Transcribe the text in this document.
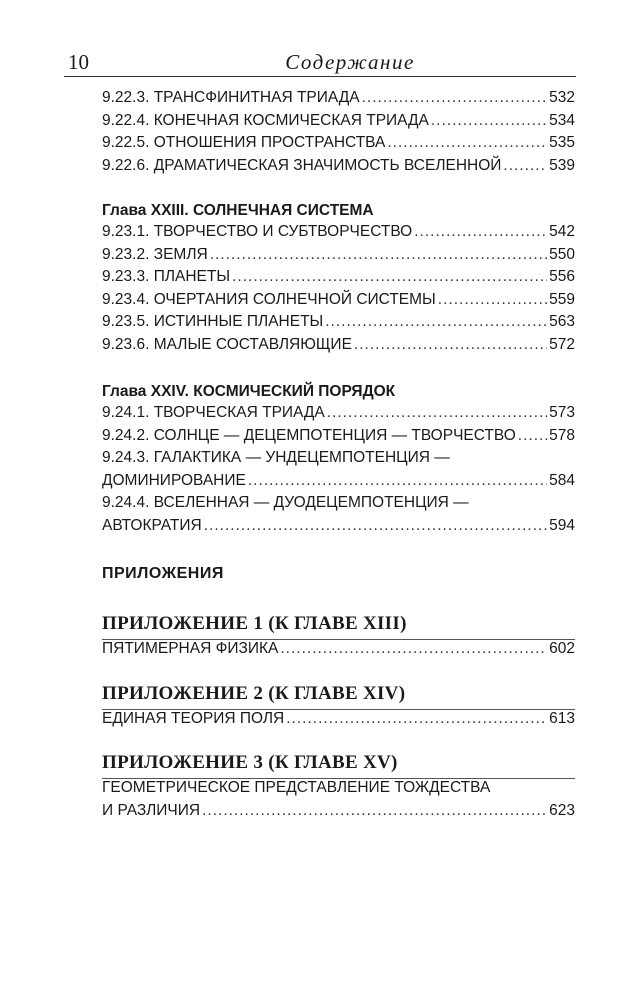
10	Содержание
9.22.3. ТРАНСФИНИТНАЯ ТРИАДА .....	532
9.22.4. КОНЕЧНАЯ КОСМИЧЕСКАЯ ТРИАДА .....	534
9.22.5. ОТНОШЕНИЯ ПРОСТРАНСТВА .....	535
9.22.6. ДРАМАТИЧЕСКАЯ ЗНАЧИМОСТЬ ВСЕЛЕННОЙ .....	539
Глава XXIII. СОЛНЕЧНАЯ СИСТЕМА
9.23.1. ТВОРЧЕСТВО И СУБТВОРЧЕСТВО .....	542
9.23.2. ЗЕМЛЯ .....	550
9.23.3. ПЛАНЕТЫ .....	556
9.23.4. ОЧЕРТАНИЯ СОЛНЕЧНОЙ СИСТЕМЫ .....	559
9.23.5. ИСТИННЫЕ ПЛАНЕТЫ .....	563
9.23.6. МАЛЫЕ СОСТАВЛЯЮЩИЕ .....	572
Глава XXIV. КОСМИЧЕСКИЙ ПОРЯДОК
9.24.1. ТВОРЧЕСКАЯ ТРИАДА .....	573
9.24.2. СОЛНЦЕ — ДЕЦЕМПОТЕНЦИЯ — ТВОРЧЕСТВО ..... 578
9.24.3. ГАЛАКТИКА — УНДЕЦЕМПОТЕНЦИЯ —
ДОМИНИРОВАНИЕ .....	584
9.24.4. ВСЕЛЕННАЯ — ДУОДЕЦЕМПОТЕНЦИЯ —
АВТОКРАТИЯ .....	594
ПРИЛОЖЕНИЯ
ПРИЛОЖЕНИЕ 1 (К ГЛАВЕ XIII)
ПЯТИМЕРНАЯ ФИЗИКА .....	602
ПРИЛОЖЕНИЕ 2 (К ГЛАВЕ XIV)
ЕДИНАЯ ТЕОРИЯ ПОЛЯ .....	613
ПРИЛОЖЕНИЕ 3 (К ГЛАВЕ XV)
ГЕОМЕТРИЧЕСКОЕ ПРЕДСТАВЛЕНИЕ ТОЖДЕСТВА
И РАЗЛИЧИЯ .....	623
